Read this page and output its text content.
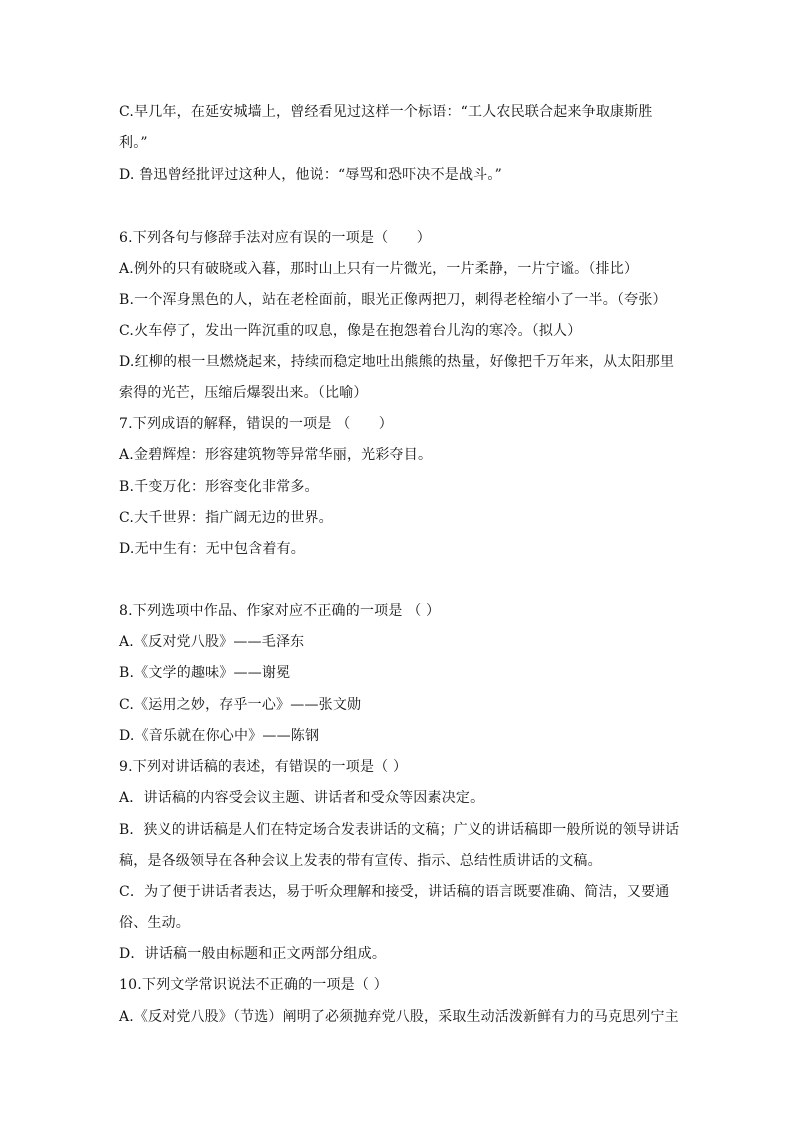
C.早几年，在延安城墙上，曾经看见过这样一个标语：“工人农民联合起来争取康斯胜
利。”
D. 鲁迅曾经批评过这种人，他说：“辱骂和恐吓决不是战斗。”
6.下列各句与修辞手法对应有误的一项是（　　）
A.例外的只有破晓或入暮，那时山上只有一片微光，一片柔静，一片宁谧。（排比）
B.一个浑身黑色的人，站在老栓面前，眼光正像两把刀，刺得老栓缩小了一半。（夸张）
C.火车停了，发出一阵沉重的叹息，像是在抱怨着台儿沟的寒冷。（拟人）
D.红柳的根一旦燃烧起来，持续而稳定地吐出熊熊的热量，好像把千万年来，从太阳那里
索得的光芒，压缩后爆裂出来。（比喻）
7.下列成语的解释，错误的一项是 （　　）
A.金碧辉煌：形容建筑物等异常华丽，光彩夺目。
B.千变万化：形容变化非常多。
C.大千世界：指广阔无边的世界。
D.无中生有：无中包含着有。
8.下列选项中作品、作家对应不正确的一项是 （ ）
A.《反对党八股》——毛泽东
B.《文学的趣味》——谢冕
C.《运用之妙，存乎一心》——张文勋
D.《音乐就在你心中》——陈钢
9.下列对讲话稿的表述，有错误的一项是（ ）
A．讲话稿的内容受会议主题、讲话者和受众等因素决定。
B．狭义的讲话稿是人们在特定场合发表讲话的文稿；广义的讲话稿即一般所说的领导讲话
稿，是各级领导在各种会议上发表的带有宣传、指示、总结性质讲话的文稿。
C．为了便于讲话者表达，易于听众理解和接受，讲话稿的语言既要准确、简洁，又要通
俗、生动。
D．讲话稿一般由标题和正文两部分组成。
10.下列文学常识说法不正确的一项是（ ）
A.《反对党八股》（节选）阐明了必须抛弃党八股，采取生动活泼新鲜有力的马克思列宁主
